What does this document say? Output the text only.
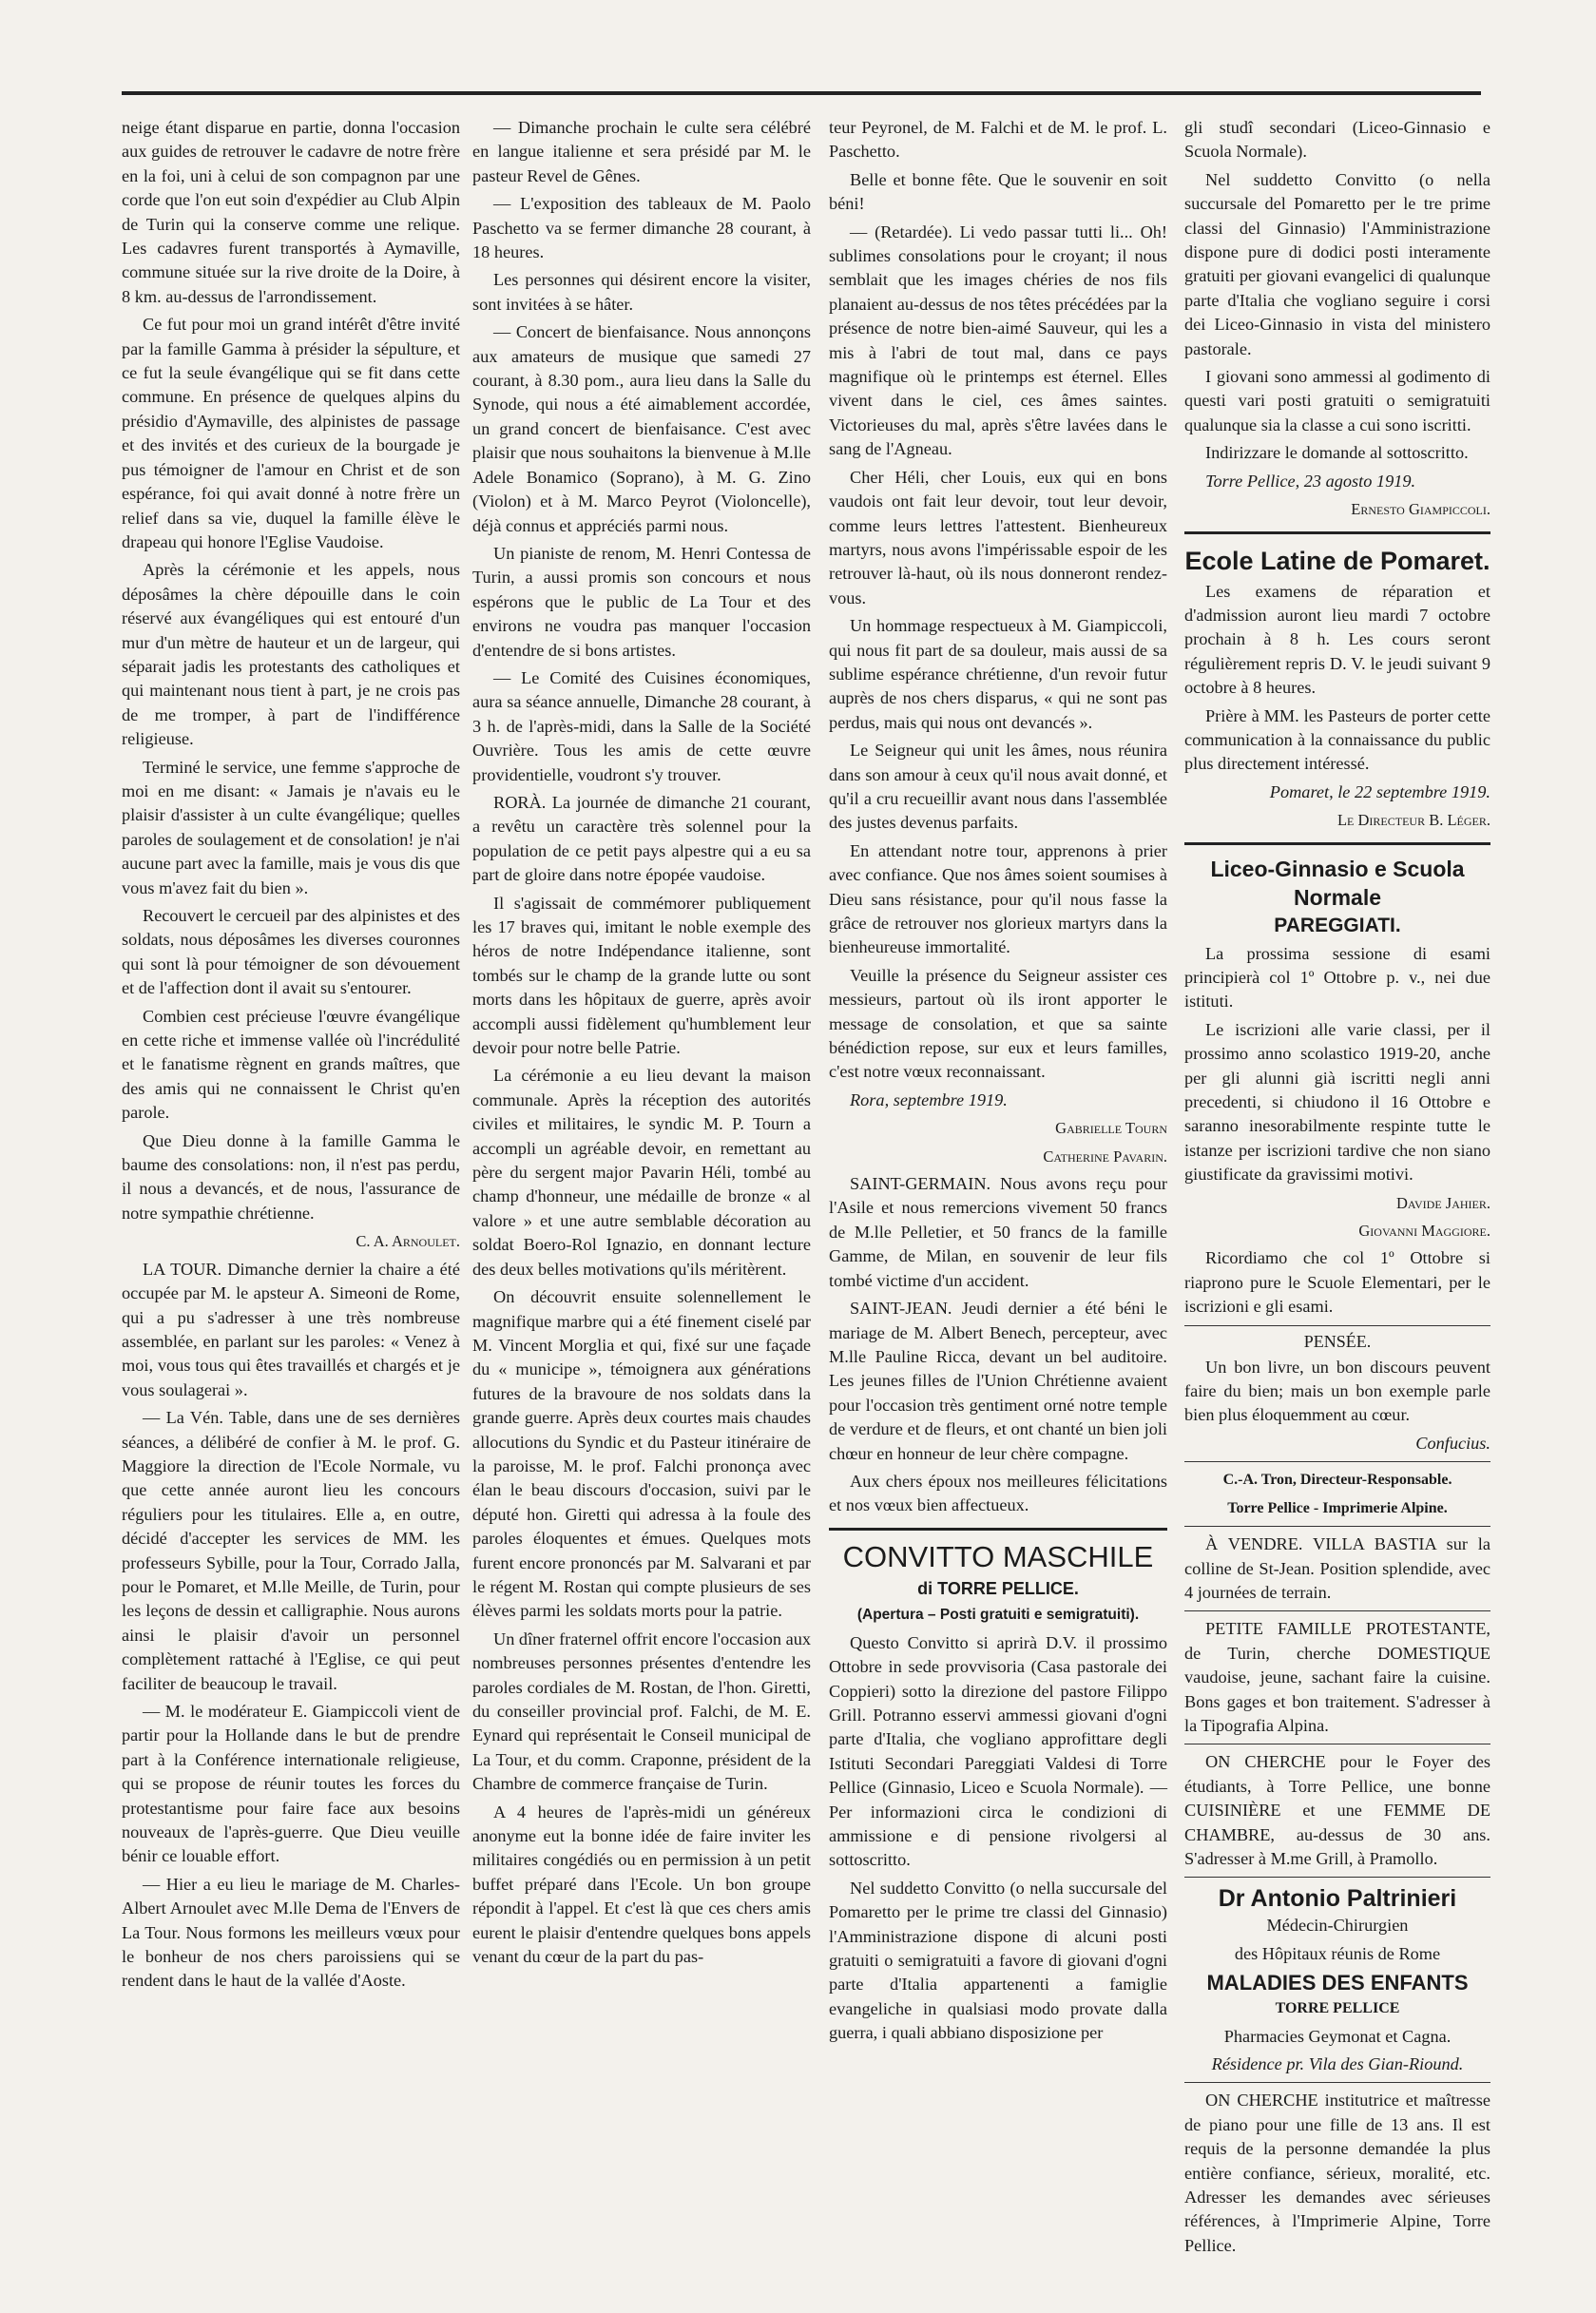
neige étant disparue en partie, donna l'occasion aux guides de retrouver le cadavre de notre frère en la foi, uni à celui de son compagnon par une corde que l'on eut soin d'expédier au Club Alpin de Turin qui la conserve comme une relique. Les cadavres furent transportés à Aymaville, commune située sur la rive droite de la Doire, à 8 km. au-dessus de l'arrondissement.

Ce fut pour moi un grand intérêt d'être invité par la famille Gamma à présider la sépulture, et ce fut la seule évangélique qui se fit dans cette commune. En présence de quelques alpins du présidio d'Aymaville, des alpinistes de passage et des invités et des curieux de la bourgade je pus témoigner de l'amour en Christ et de son espérance, foi qui avait donné à notre frère un relief dans sa vie, duquel la famille élève le drapeau qui honore l'Eglise Vaudoise.

Après la cérémonie et les appels, nous déposâmes la chère dépouille dans le coin réservé aux évangéliques qui est entouré d'un mur d'un mètre de hauteur et un de largeur, qui séparait jadis les protestants des catholiques et qui maintenant nous tient à part, je ne crois pas de me tromper, à part de l'indifférence religieuse.

Terminé le service, une femme s'approche de moi en me disant: « Jamais je n'avais eu le plaisir d'assister à un culte évangélique; quelles paroles de soulagement et de consolation! je n'ai aucune part avec la famille, mais je vous dis que vous m'avez fait du bien ».

Recouvert le cercueil par des alpinistes et des soldats, nous déposâmes les diverses couronnes qui sont là pour témoigner de son dévouement et de l'affection dont il avait su s'entourer.

Combien cest précieuse l'œuvre évangélique en cette riche et immense vallée où l'incrédulité et le fanatisme règnent en grands maîtres, que des amis qui ne connaissent le Christ qu'en parole.

Que Dieu donne à la famille Gamma le baume des consolations: non, il n'est pas perdu, il nous a devancés, et de nous, l'assurance de notre sympathie chrétienne.

C. A. Arnoulet.

LA TOUR. Dimanche dernier la chaire a été occupée par M. le apsteur A. Simeoni de Rome, qui a pu s'adresser à une très nombreuse assemblée, en parlant sur les paroles: « Venez à moi, vous tous qui êtes travaillés et chargés et je vous soulagerai ».

— La Vén. Table, dans une de ses dernières séances, a délibéré de confier à M. le prof. G. Maggiore la direction de l'Ecole Normale, vu que cette année auront lieu les concours réguliers pour les titulaires. Elle a, en outre, décidé d'accepter les services de MM. les professeurs Sybille, pour la Tour, Corrado Jalla, pour le Pomaret, et M.lle Meille, de Turin, pour les leçons de dessin et calligraphie. Nous aurons ainsi le plaisir d'avoir un personnel complètement rattaché à l'Eglise, ce qui peut faciliter de beaucoup le travail.

— M. le modérateur E. Giampiccoli vient de partir pour la Hollande dans le but de prendre part à la Conférence internationale religieuse, qui se propose de réunir toutes les forces du protestantisme pour faire face aux besoins nouveaux de l'après-guerre. Que Dieu veuille bénir ce louable effort.

— Hier a eu lieu le mariage de M. Charles-Albert Arnoulet avec M.lle Dema de l'Envers de La Tour. Nous formons les meilleurs vœux pour le bonheur de nos chers paroissiens qui se rendent dans le haut de la vallée d'Aoste.

— Dimanche prochain le culte sera célébré en langue italienne et sera présidé par M. le pasteur Revel de Gênes.

— L'exposition des tableaux de M. Paolo Paschetto va se fermer dimanche 28 courant, à 18 heures.

Les personnes qui désirent encore la visiter, sont invitées à se hâter.

— Concert de bienfaisance. Nous annonçons aux amateurs de musique que samedi 27 courant, à 8.30 pom., aura lieu dans la Salle du Synode, qui nous a été aimablement accordée, un grand concert de bienfaisance. C'est avec plaisir que nous souhaitons la bienvenue à M.lle Adele Bonamico (Soprano), à M. G. Zino (Violon) et à M. Marco Peyrot (Violoncelle), déjà connus et appréciés parmi nous.

Un pianiste de renom, M. Henri Contessa de Turin, a aussi promis son concours et nous espérons que le public de La Tour et des environs ne voudra pas manquer l'occasion d'entendre de si bons artistes.

— Le Comité des Cuisines économiques, aura sa séance annuelle, Dimanche 28 courant, à 3 h. de l'après-midi, dans la Salle de la Société Ouvrière. Tous les amis de cette œuvre providentielle, voudront s'y trouver.

RORÀ. La journée de dimanche 21 courant, a revêtu un caractère très solennel pour la population de ce petit pays alpestre qui a eu sa part de gloire dans notre épopée vaudoise.

Il s'agissait de commémorer publiquement les 17 braves qui, imitant le noble exemple des héros de notre Indépendance italienne, sont tombés sur le champ de la grande lutte ou sont morts dans les hôpitaux de guerre, après avoir accompli aussi fidèlement qu'humblement leur devoir pour notre belle Patrie.

La cérémonie a eu lieu devant la maison communale. Après la réception des autorités civiles et militaires, le syndic M. P. Tourn a accompli un agréable devoir, en remettant au père du sergent major Pavarin Héli, tombé au champ d'honneur, une médaille de bronze « al valore » et une autre semblable décoration au soldat Boero-Rol Ignazio, en donnant lecture des deux belles motivations qu'ils méritèrent.

On découvrit ensuite solennellement le magnifique marbre qui a été finement ciselé par M. Vincent Morglia et qui, fixé sur une façade du « municipe », témoignera aux générations futures de la bravoure de nos soldats dans la grande guerre. Après deux courtes mais chaudes allocutions du Syndic et du Pasteur itinéraire de la paroisse, M. le prof. Falchi prononça avec élan le beau discours d'occasion, suivi par le député hon. Giretti qui adressa à la foule des paroles éloquentes et émues. Quelques mots furent encore prononcés par M. Salvarani et par le régent M. Rostan qui compte plusieurs de ses élèves parmi les soldats morts pour la patrie.

Un dîner fraternel offrit encore l'occasion aux nombreuses personnes présentes d'entendre les paroles cordiales de M. Rostan, de l'hon. Giretti, du conseiller provincial prof. Falchi, de M. E. Eynard qui représentait le Conseil municipal de La Tour, et du comm. Craponne, président de la Chambre de commerce française de Turin.

A 4 heures de l'après-midi un généreux anonyme eut la bonne idée de faire inviter les militaires congédiés ou en permission à un petit buffet préparé dans l'Ecole. Un bon groupe répondit à l'appel. Et c'est là que ces chers amis eurent le plaisir d'entendre quelques bons appels venant du cœur de la part du pas-

teur Peyronel, de M. Falchi et de M. le prof. L. Paschetto.

Belle et bonne fête. Que le souvenir en soit béni!

— (Retardée). Li vedo passar tutti li... Oh! sublimes consolations pour le croyant; il nous semblait que les images chéries de nos fils planaient au-dessus de nos têtes précédées par la présence de notre bien-aimé Sauveur, qui les a mis à l'abri de tout mal, dans ce pays magnifique où le printemps est éternel. Elles vivent dans le ciel, ces âmes saintes. Victorieuses du mal, après s'être lavées dans le sang de l'Agneau.

Cher Héli, cher Louis, eux qui en bons vaudois ont fait leur devoir, tout leur devoir, comme leurs lettres l'attestent. Bienheureux martyrs, nous avons l'impérissable espoir de les retrouver là-haut, où ils nous donneront rendez-vous.

Un hommage respectueux à M. Giampiccoli, qui nous fit part de sa douleur, mais aussi de sa sublime espérance chrétienne, d'un revoir futur auprès de nos chers disparus, « qui ne sont pas perdus, mais qui nous ont devancés ».

Le Seigneur qui unit les âmes, nous réunira dans son amour à ceux qu'il nous avait donné, et qu'il a cru recueillir avant nous dans l'assemblée des justes devenus parfaits.

En attendant notre tour, apprenons à prier avec confiance. Que nos âmes soient soumises à Dieu sans résistance, pour qu'il nous fasse la grâce de retrouver nos glorieux martyrs dans la bienheureuse immortalité.

Veuille la présence du Seigneur assister ces messieurs, partout où ils iront apporter le message de consolation, et que sa sainte bénédiction repose, sur eux et leurs familles, c'est notre vœux reconnaissant.

Rora, septembre 1919.

Gabrielle Tourn

Catherine Pavarin.

SAINT-GERMAIN. Nous avons reçu pour l'Asile et nous remercions vivement 50 francs de M.lle Pelletier, et 50 francs de la famille Gamme, de Milan, en souvenir de leur fils tombé victime d'un accident.

SAINT-JEAN. Jeudi dernier a été béni le mariage de M. Albert Benech, percepteur, avec M.lle Pauline Ricca, devant un bel auditoire. Les jeunes filles de l'Union Chrétienne avaient pour l'occasion très gentiment orné notre temple de verdure et de fleurs, et ont chanté un bien joli chœur en honneur de leur chère compagne.

Aux chers époux nos meilleures félicitations et nos vœux bien affectueux.

CONVITTO MASCHILE
di TORRE PELLICE.
(Apertura – Posti gratuiti e semigratuiti).

Questo Convitto si aprirà D.V. il prossimo Ottobre in sede provvisoria (Casa pastorale dei Coppieri) sotto la direzione del pastore Filippo Grill. Potranno esservi ammessi giovani d'ogni parte d'Italia, che vogliano approfittare degli Istituti Secondari Pareggiati Valdesi di Torre Pellice (Ginnasio, Liceo e Scuola Normale). — Per informazioni circa le condizioni di ammissione e di pensione rivolgersi al sottoscritto.

Nel suddetto Convitto (o nella succursale del Pomaretto per le prime tre classi del Ginnasio) l'Amministrazione dispone di alcuni posti gratuiti o semigratuiti a favore di giovani d'ogni parte d'Italia appartenenti a famiglie evangeliche in qualsiasi modo provate dalla guerra, i quali abbiano disposizione per

gli studî secondari (Liceo-Ginnasio e Scuola Normale).

Nel suddetto Convitto (o nella succursale del Pomaretto per le tre prime classi del Ginnasio) l'Amministrazione dispone pure di dodici posti interamente gratuiti per giovani evangelici di qualunque parte d'Italia che vogliano seguire i corsi dei Liceo-Ginnasio in vista del ministero pastorale.

I giovani sono ammessi al godimento di questi vari posti gratuiti o semigratuiti qualunque sia la classe a cui sono iscritti.

Indirizzare le domande al sottoscritto.

Torre Pellice, 23 agosto 1919.

Ernesto Giampiccoli.

Ecole Latine de Pomaret.

Les examens de réparation et d'admission auront lieu mardi 7 octobre prochain à 8 h. Les cours seront régulièrement repris D. V. le jeudi suivant 9 octobre à 8 heures.

Prière à MM. les Pasteurs de porter cette communication à la connaissance du public plus directement intéressé.

Pomaret, le 22 septembre 1919.

Le Directeur B. Léger.

Liceo-Ginnasio e Scuola Normale
PAREGGIATI.

La prossima sessione di esami principierà col 1º Ottobre p. v., nei due istituti.

Le iscrizioni alle varie classi, per il prossimo anno scolastico 1919-20, anche per gli alunni già iscritti negli anni precedenti, si chiudono il 16 Ottobre e saranno inesorabilmente respinte tutte le istanze per iscrizioni tardive che non siano giustificate da gravissimi motivi.

Davide Jahier.

Giovanni Maggiore.

Ricordiamo che col 1º Ottobre si riaprono pure le Scuole Elementari, per le iscrizioni e gli esami.

PENSÉE.

Un bon livre, un bon discours peuvent faire du bien; mais un bon exemple parle bien plus éloquemment au cœur.

Confucius.

C.-A. Tron, Directeur-Responsable.

Torre Pellice - Imprimerie Alpine.

À VENDRE. VILLA BASTIA sur la colline de St-Jean. Position splendide, avec 4 journées de terrain.

PETITE FAMILLE PROTESTANTE, de Turin, cherche DOMESTIQUE vaudoise, jeune, sachant faire la cuisine. Bons gages et bon traitement. S'adresser à la Tipografia Alpina.

ON CHERCHE pour le Foyer des étudiants, à Torre Pellice, une bonne CUISINIÈRE et une FEMME DE CHAMBRE, au-dessus de 30 ans. S'adresser à M.me Grill, à Pramollo.

Dr Antonio Paltrinieri

Médecin-Chirurgien

des Hôpitaux réunis de Rome

MALADIES DES ENFANTS

TORRE PELLICE

Pharmacies Geymonat et Cagna.

Résidence pr. Vila des Gian-Riound.

ON CHERCHE institutrice et maîtresse de piano pour une fille de 13 ans. Il est requis de la personne demandée la plus entière confiance, sérieux, moralité, etc. Adresser les demandes avec sérieuses références, à l'Imprimerie Alpine, Torre Pellice.
